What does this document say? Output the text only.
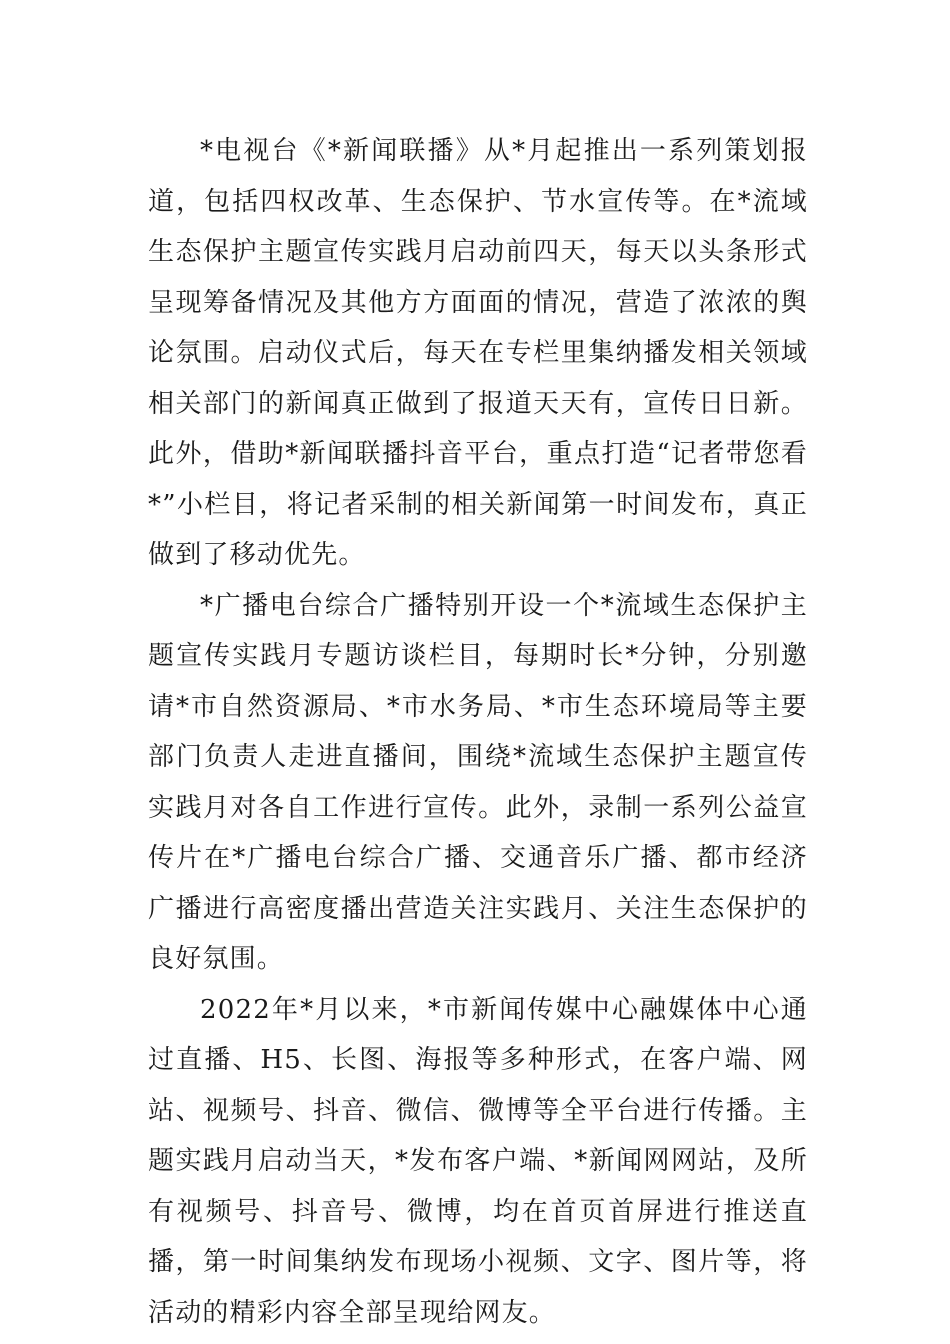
*电视台《*新闻联播》从*月起推出一系列策划报道，包括四权改革、生态保护、节水宣传等。在*流域生态保护主题宣传实践月启动前四天，每天以头条形式呈现筹备情况及其他方方面面的情况，营造了浓浓的舆论氛围。启动仪式后，每天在专栏里集纳播发相关领域相关部门的新闻真正做到了报道天天有，宣传日日新。此外，借助*新闻联播抖音平台，重点打造“记者带您看*”小栏目，将记者采制的相关新闻第一时间发布，真正做到了移动优先。

*广播电台综合广播特别开设一个*流域生态保护主题宣传实践月专题访谈栏目，每期时长*分钟，分别邀请*市自然资源局、*市水务局、*市生态环境局等主要部门负责人走进直播间，围绕*流域生态保护主题宣传实践月对各自工作进行宣传。此外，录制一系列公益宣传片在*广播电台综合广播、交通音乐广播、都市经济广播进行高密度播出营造关注实践月、关注生态保护的良好氛围。

2022年*月以来，*市新闻传媒中心融媒体中心通过直播、H5、长图、海报等多种形式，在客户端、网站、视频号、抖音、微信、微博等全平台进行传播。主题实践月启动当天，*发布客户端、*新闻网网站，及所有视频号、抖音号、微博，均在首页首屏进行推送直播，第一时间集纳发布现场小视频、文字、图片等，将活动的精彩内容全部呈现给网友。
